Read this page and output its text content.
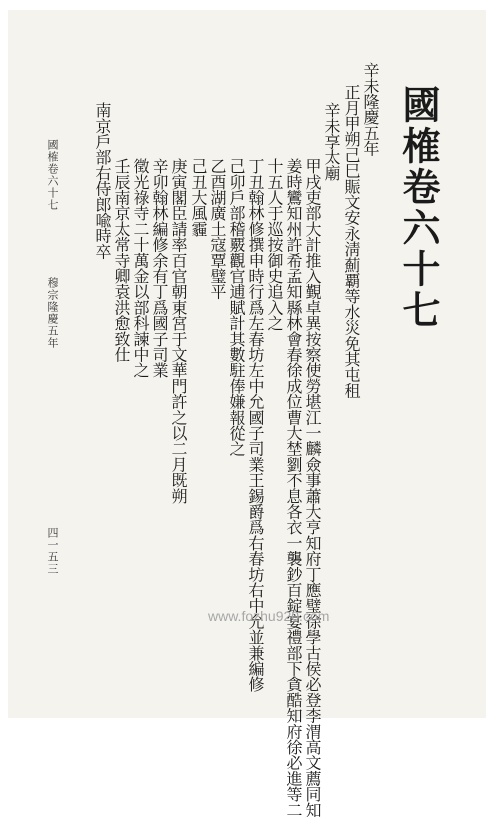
國榷卷六十七
辛未隆慶五年
正月甲朔己巳賑文安永淸薊覇等水災免其屯租
辛未享太廟
甲戌吏部大計推入覲卓異按察使勞堪江一麟僉事蕭大亨知府丁應璧徐學古侯必登李渭高文薦同知
姜時鸞知州許希孟知縣林會春徐成位曹大埜劉不息各衣一襲鈔百錠宴禮部下貪酷知府徐必進等二
十五人于巡按御史追入之
丁丑翰林修撰申時行爲左春坊左中允國子司業王錫爵爲右春坊右中允並兼編修
己卯戶部稽覈觀官逋賦計其數駐俸嫌報從之
乙酉湖廣土寇覃璧平
己丑大風霾
庚寅閣臣請率百官朝東宮于文華門許之以二月既朔
辛卯翰林編修余有丁爲國子司業
徵光祿寺二十萬金以部科諫中之
壬辰南京太常寺卿袁洪愈致仕
南京戶部右侍郎喩時卒
國榷卷六十七
穆宗隆慶五年
四一五三
www.fozhu920.com
